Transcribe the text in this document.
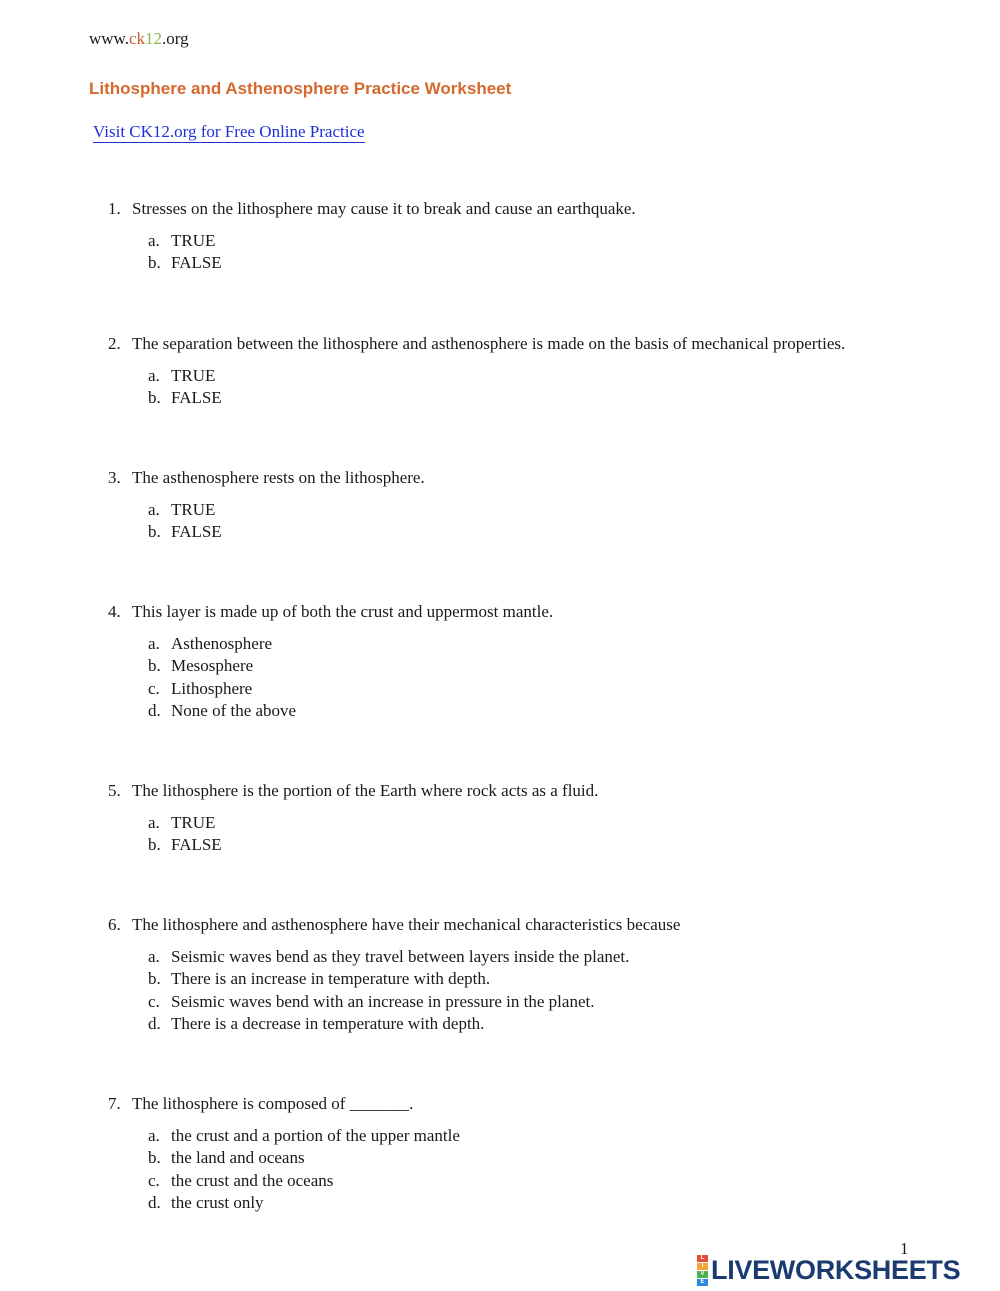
www.ck12.org
Lithosphere and Asthenosphere Practice Worksheet
Visit CK12.org for Free Online Practice
1. Stresses on the lithosphere may cause it to break and cause an earthquake.
a. TRUE
b. FALSE
2. The separation between the lithosphere and asthenosphere is made on the basis of mechanical properties.
a. TRUE
b. FALSE
3. The asthenosphere rests on the lithosphere.
a. TRUE
b. FALSE
4. This layer is made up of both the crust and uppermost mantle.
a. Asthenosphere
b. Mesosphere
c. Lithosphere
d. None of the above
5. The lithosphere is the portion of the Earth where rock acts as a fluid.
a. TRUE
b. FALSE
6. The lithosphere and asthenosphere have their mechanical characteristics because
a. Seismic waves bend as they travel between layers inside the planet.
b. There is an increase in temperature with depth.
c. Seismic waves bend with an increase in pressure in the planet.
d. There is a decrease in temperature with depth.
7. The lithosphere is composed of _______.
a. the crust and a portion of the upper mantle
b. the land and oceans
c. the crust and the oceans
d. the crust only
1
L
I
V
E LIVEWORKSHEETS
